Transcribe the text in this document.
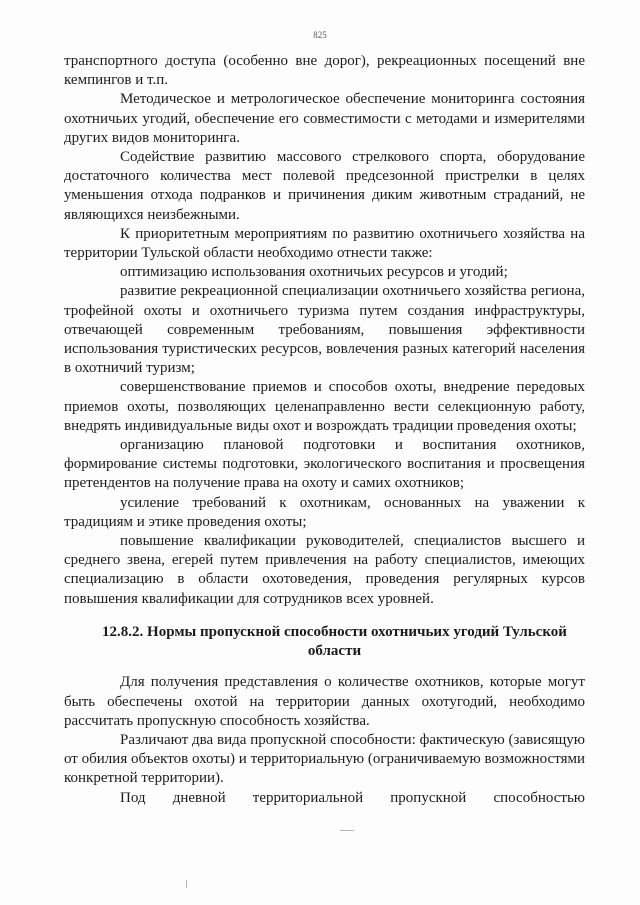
825

транспортного доступа (особенно вне дорог), рекреационных посещений вне кемпингов и т.п.

Методическое и метрологическое обеспечение мониторинга состояния охотничьих угодий, обеспечение его совместимости с методами и измерителями других видов мониторинга.

Содействие развитию массового стрелкового спорта, оборудование достаточного количества мест полевой предсезонной пристрелки в целях уменьшения отхода подранков и причинения диким животным страданий, не являющихся неизбежными.

К приоритетным мероприятиям по развитию охотничьего хозяйства на территории Тульской области необходимо отнести также:

оптимизацию использования охотничьих ресурсов и угодий;

развитие рекреационной специализации охотничьего хозяйства региона, трофейной охоты и охотничьего туризма путем создания инфраструктуры, отвечающей современным требованиям, повышения эффективности использования туристических ресурсов, вовлечения разных категорий населения в охотничий туризм;

совершенствование приемов и способов охоты, внедрение передовых приемов охоты, позволяющих целенаправленно вести селекционную работу, внедрять индивидуальные виды охот и возрождать традиции проведения охоты;

организацию плановой подготовки и воспитания охотников, формирование системы подготовки, экологического воспитания и просвещения претендентов на получение права на охоту и самих охотников;

усиление требований к охотникам, основанных на уважении к традициям и этике проведения охоты;

повышение квалификации руководителей, специалистов высшего и среднего звена, егерей путем привлечения на работу специалистов, имеющих специализацию в области охотоведения, проведения регулярных курсов повышения квалификации для сотрудников всех уровней.

12.8.2. Нормы пропускной способности охотничьих угодий Тульской области

Для получения представления о количестве охотников, которые могут быть обеспечены охотой на территории данных охотугодий, необходимо рассчитать пропускную способность хозяйства.

Различают два вида пропускной способности: фактическую (зависящую от обилия объектов охоты) и территориальную (ограничиваемую возможностями конкретной территории).

Под дневной территориальной пропускной способностью
